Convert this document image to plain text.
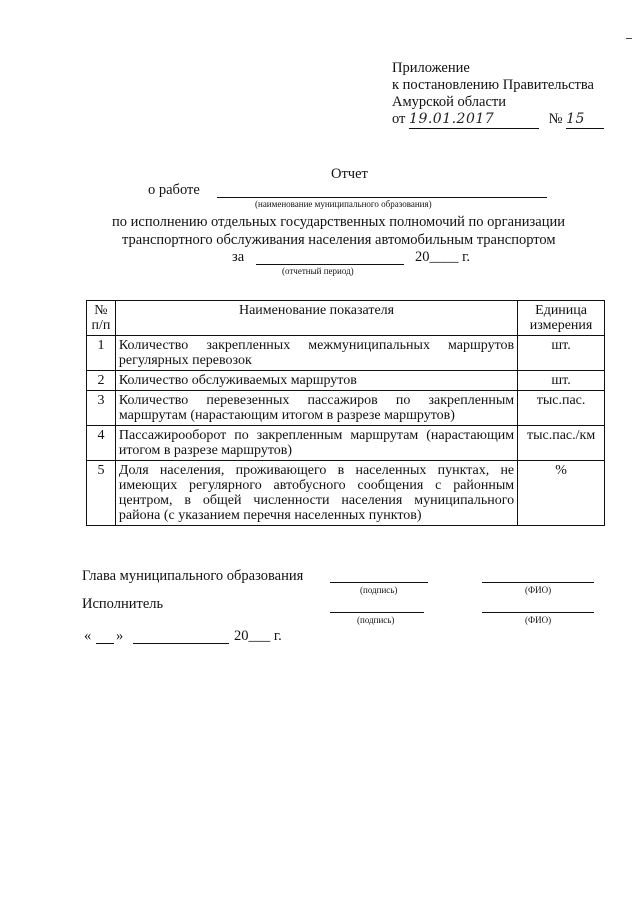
Приложение
к постановлению Правительства
Амурской области
от 19.01.2017	№ 15
Отчет
о работе
(наименование муниципального образования)
по исполнению отдельных государственных полномочий по организации
транспортного обслуживания населения автомобильным транспортом
за	20____ г.
(отчетный период)
№ п/п	Наименование показателя	Единица измерения
1	Количество закрепленных межмуниципальных маршрутов регулярных перевозок	шт.
2	Количество обслуживаемых маршрутов	шт.
3	Количество перевезенных пассажиров по закрепленным маршрутам (нарастающим итогом в разрезе маршрутов)	тыс.пас.
4	Пассажирооборот по закрепленным маршрутам (нарастающим итогом в разрезе маршрутов)	тыс.пас./км
5	Доля населения, проживающего в населенных пунктах, не имеющих регулярного автобусного сообщения с районным центром, в общей численности населения муниципального района (с указанием перечня населенных пунктов)	%
Глава муниципального образования
(подпись)	(ФИО)
Исполнитель
(подпись)	(ФИО)
« »	20___ г.
